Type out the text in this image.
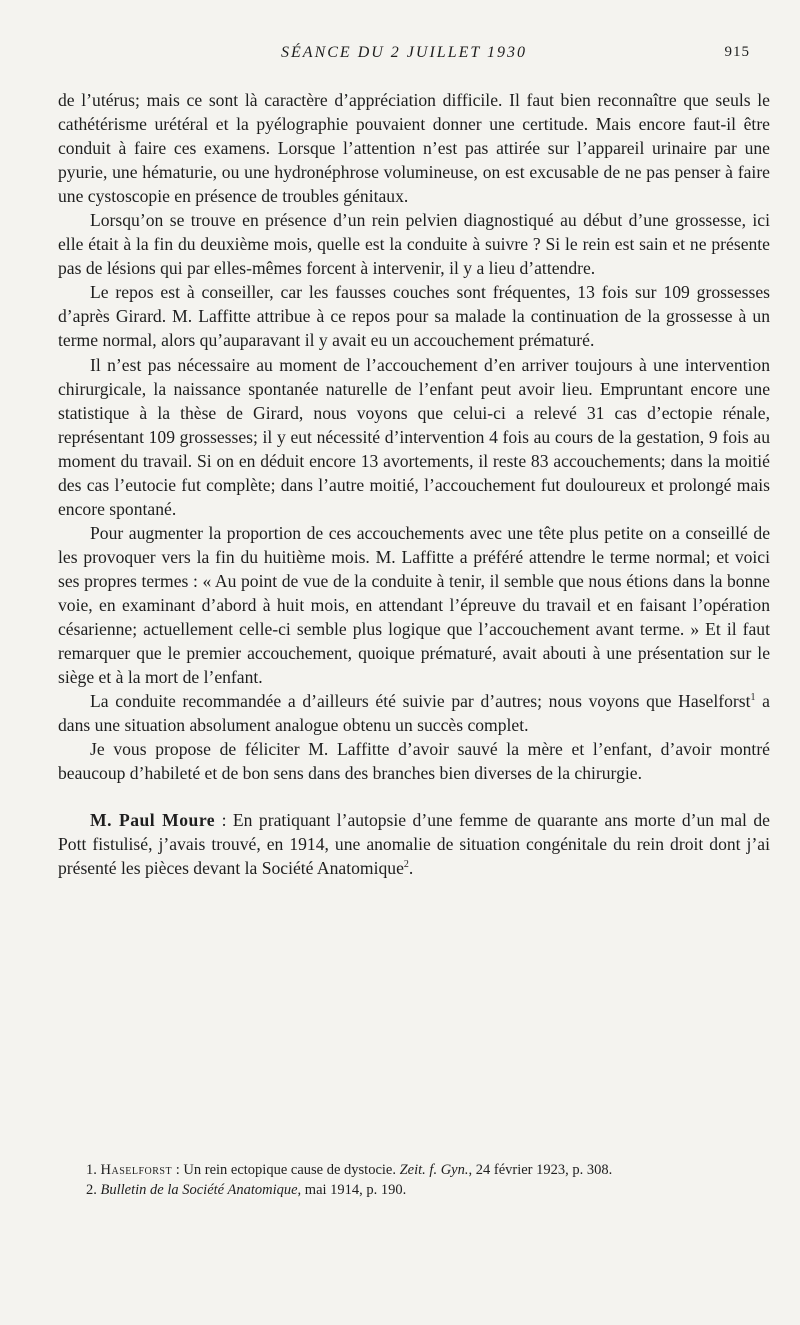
SÉANCE DU 2 JUILLET 1930	915

de l’utérus; mais ce sont là caractère d’appréciation difficile. Il faut bien reconnaître que seuls le cathétérisme urétéral et la pyélographie pouvaient donner une certitude. Mais encore faut-il être conduit à faire ces examens. Lorsque l’attention n’est pas attirée sur l’appareil urinaire par une pyurie, une hématurie, ou une hydronéphrose volumineuse, on est excusable de ne pas penser à faire une cystoscopie en présence de troubles génitaux.

Lorsqu’on se trouve en présence d’un rein pelvien diagnostiqué au début d’une grossesse, ici elle était à la fin du deuxième mois, quelle est la conduite à suivre ? Si le rein est sain et ne présente pas de lésions qui par elles-mêmes forcent à intervenir, il y a lieu d’attendre.

Le repos est à conseiller, car les fausses couches sont fréquentes, 13 fois sur 109 grossesses d’après Girard. M. Laffitte attribue à ce repos pour sa malade la continuation de la grossesse à un terme normal, alors qu’auparavant il y avait eu un accouchement prématuré.

Il n’est pas nécessaire au moment de l’accouchement d’en arriver toujours à une intervention chirurgicale, la naissance spontanée naturelle de l’enfant peut avoir lieu. Empruntant encore une statistique à la thèse de Girard, nous voyons que celui-ci a relevé 31 cas d’ectopie rénale, représentant 109 grossesses; il y eut nécessité d’intervention 4 fois au cours de la gestation, 9 fois au moment du travail. Si on en déduit encore 13 avortements, il reste 83 accouchements; dans la moitié des cas l’eutocie fut complète; dans l’autre moitié, l’accouchement fut douloureux et prolongé mais encore spontané.

Pour augmenter la proportion de ces accouchements avec une tête plus petite on a conseillé de les provoquer vers la fin du huitième mois. M. Laffitte a préféré attendre le terme normal; et voici ses propres termes : « Au point de vue de la conduite à tenir, il semble que nous étions dans la bonne voie, en examinant d’abord à huit mois, en attendant l’épreuve du travail et en faisant l’opération césarienne; actuellement celle-ci semble plus logique que l’accouchement avant terme. » Et il faut remarquer que le premier accouchement, quoique prématuré, avait abouti à une présentation sur le siège et à la mort de l’enfant.

La conduite recommandée a d’ailleurs été suivie par d’autres; nous voyons que Haselforst$^1$ a dans une situation absolument analogue obtenu un succès complet.

Je vous propose de féliciter M. Laffitte d’avoir sauvé la mère et l’enfant, d’avoir montré beaucoup d’habileté et de bon sens dans des branches bien diverses de la chirurgie.

M. Paul Moure : En pratiquant l’autopsie d’une femme de quarante ans morte d’un mal de Pott fistulisé, j’avais trouvé, en 1914, une anomalie de situation congénitale du rein droit dont j’ai présenté les pièces devant la Société Anatomique$^2$.

1. Haselforst : Un rein ectopique cause de dystocie. Zeit. f. Gyn., 24 février 1923, p. 308.

2. Bulletin de la Société Anatomique, mai 1914, p. 190.
